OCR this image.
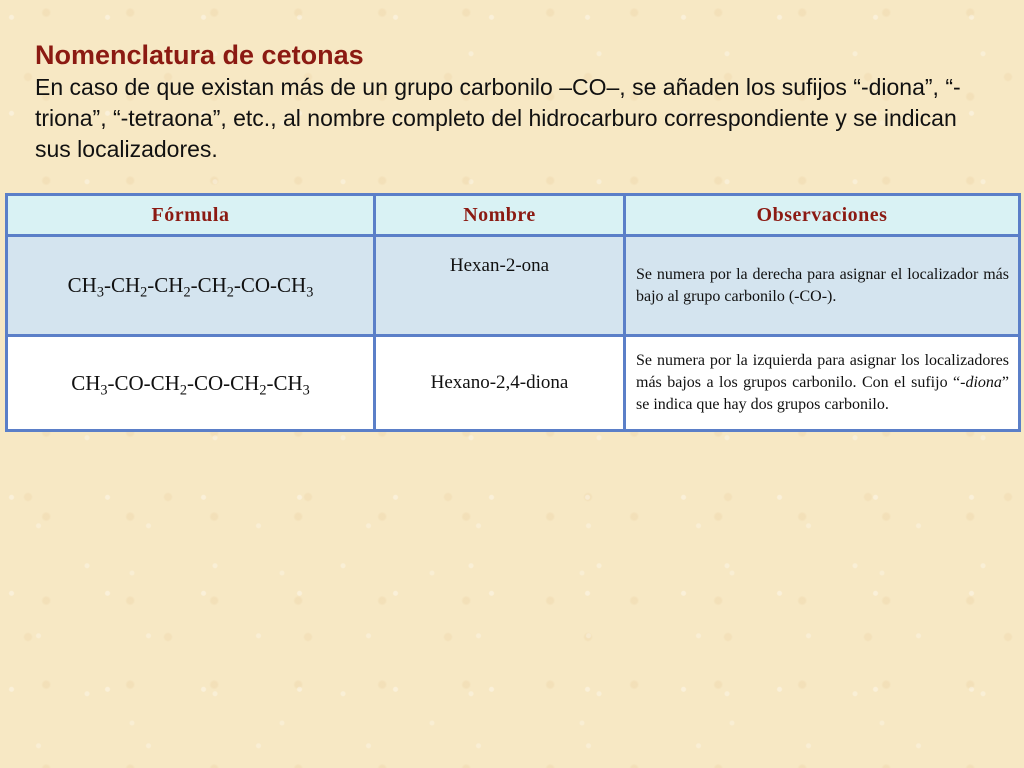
Nomenclatura de cetonas

En caso de que existan más de un grupo carbonilo –CO–, se añaden los sufijos “-diona”, “-triona”, “-tetraona”, etc., al nombre completo del hidrocarburo correspondiente y se indican sus localizadores.

Fórmula	Nombre	Observaciones
$CH_3-CH_2-CH_2-CH_2-CO-CH_3$	Hexan-2-ona	Se numera por la derecha para asignar el localizador más bajo al grupo carbonilo (-CO-).
$CH_3-CO-CH_2-CO-CH_2-CH_3$	Hexano-2,4-diona	Se numera por la izquierda para asignar los localizadores más bajos a los grupos carbonilo. Con el sufijo “-diona” se indica que hay dos grupos carbonilo.
